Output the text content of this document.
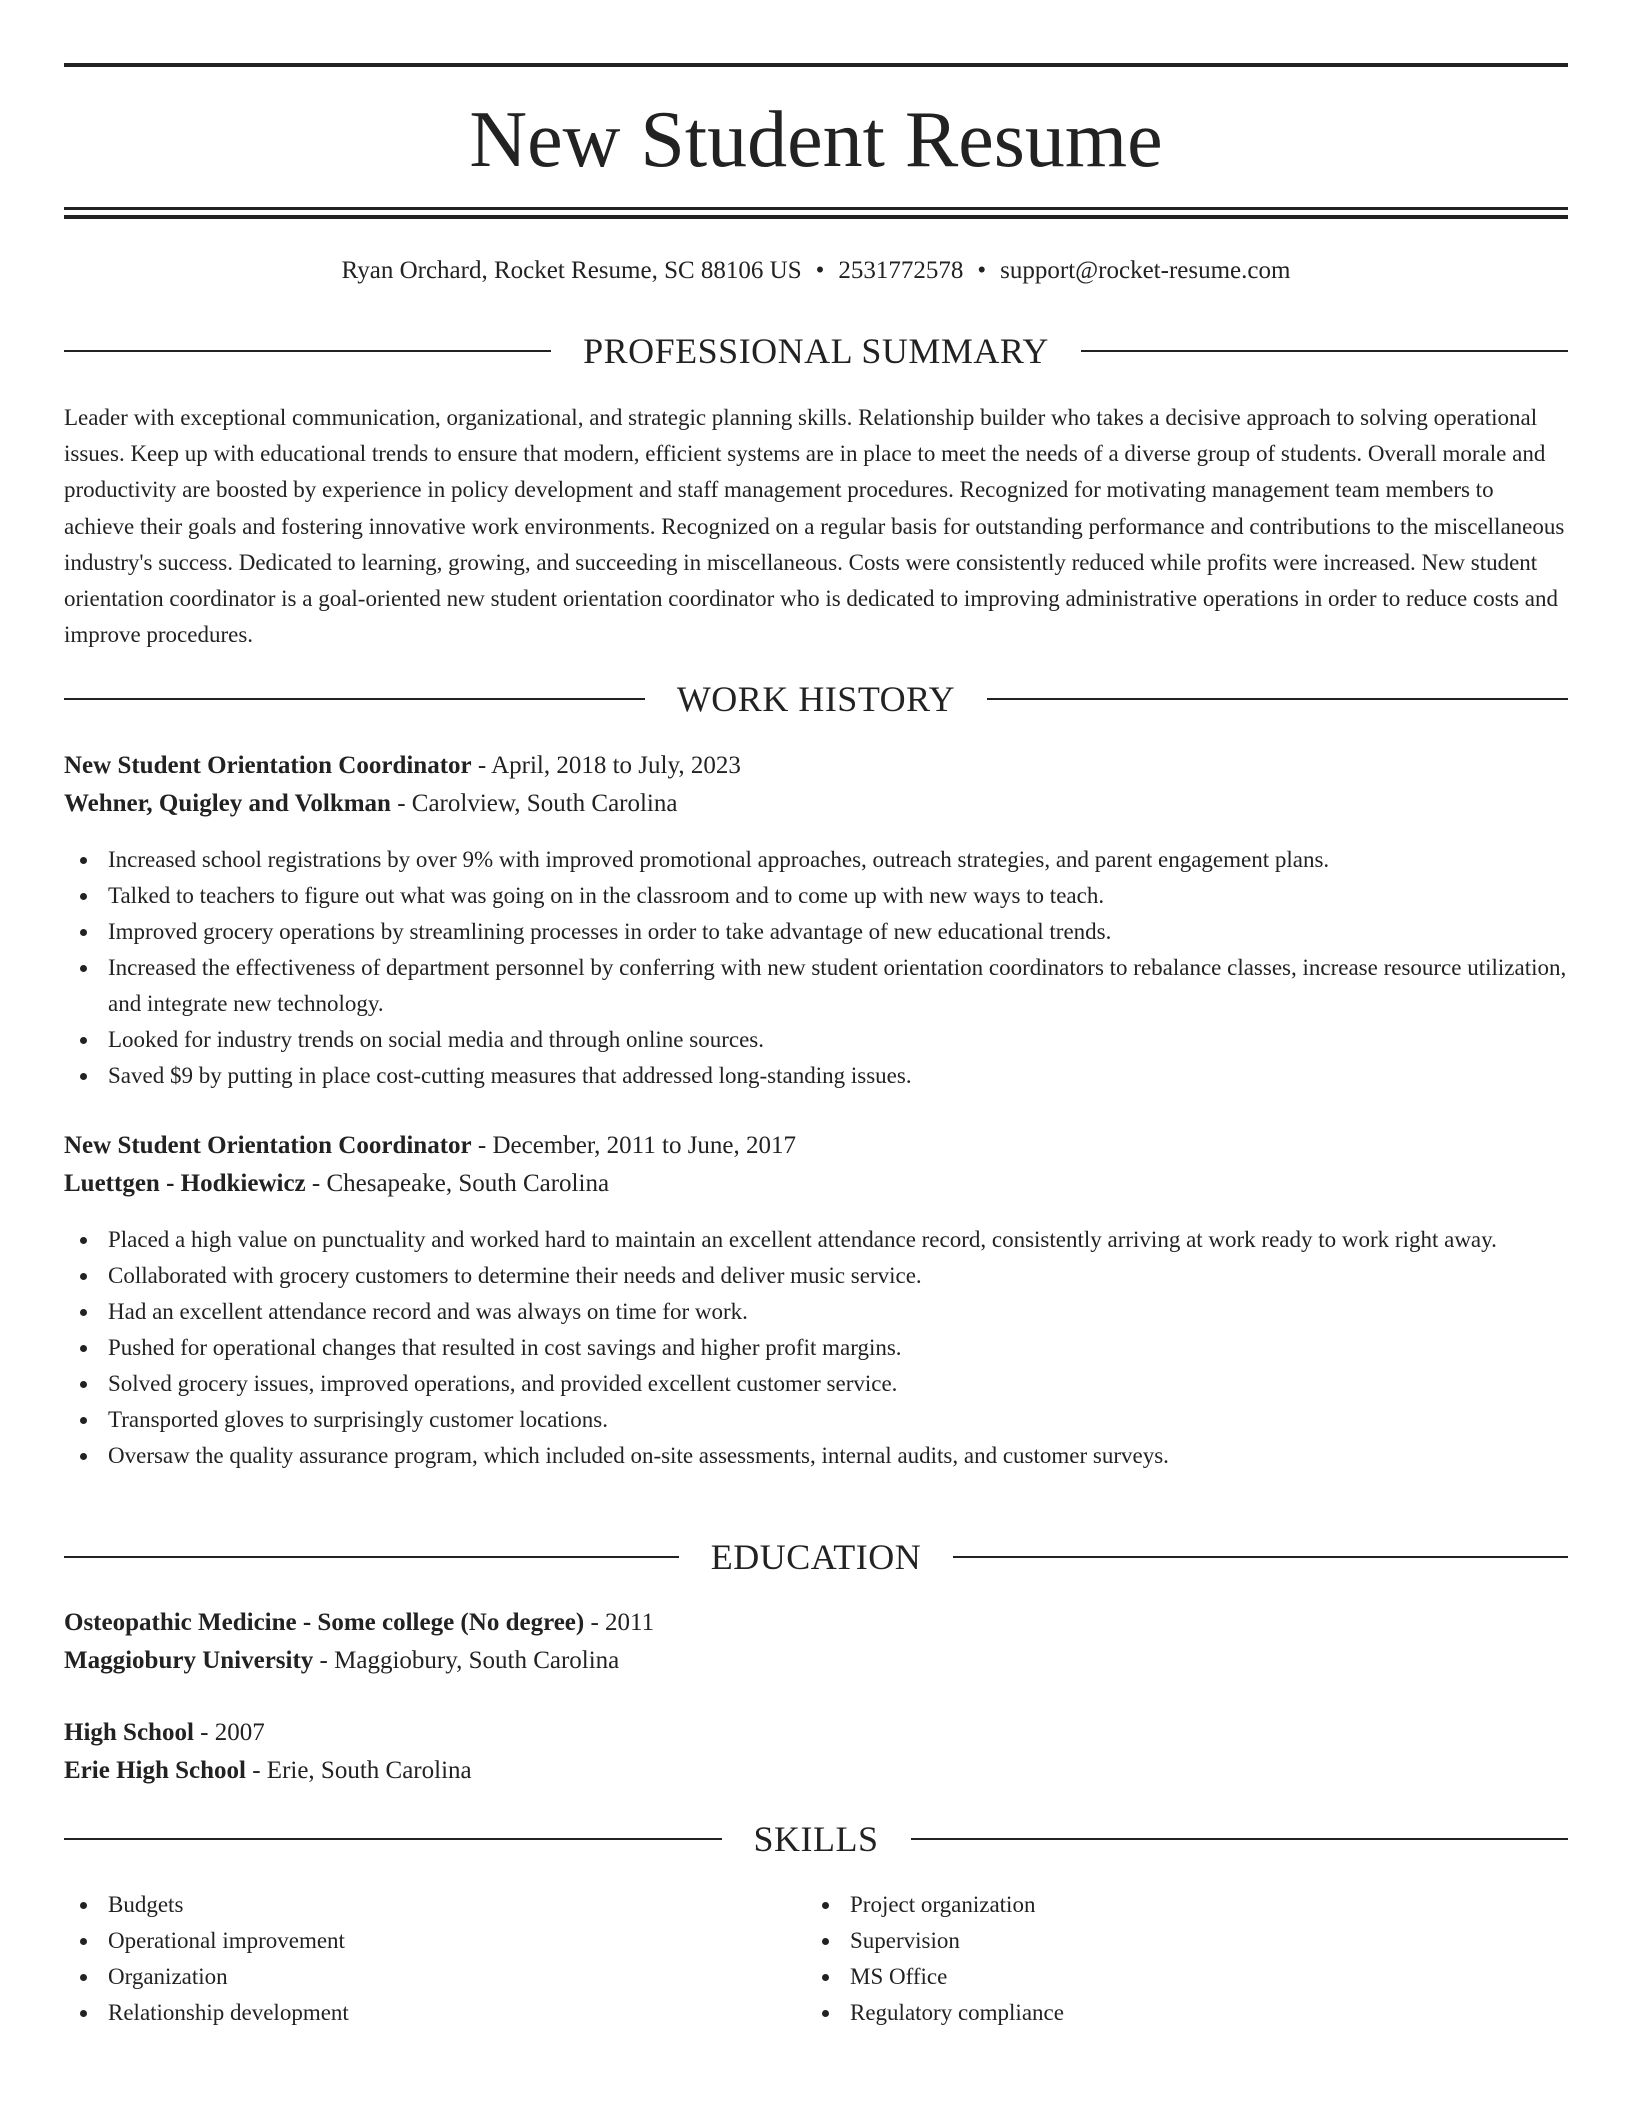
New Student Resume
Ryan Orchard, Rocket Resume, SC 88106 US • 2531772578 • support@rocket-resume.com
PROFESSIONAL SUMMARY
Leader with exceptional communication, organizational, and strategic planning skills. Relationship builder who takes a decisive approach to solving operational issues. Keep up with educational trends to ensure that modern, efficient systems are in place to meet the needs of a diverse group of students. Overall morale and productivity are boosted by experience in policy development and staff management procedures. Recognized for motivating management team members to achieve their goals and fostering innovative work environments. Recognized on a regular basis for outstanding performance and contributions to the miscellaneous industry's success. Dedicated to learning, growing, and succeeding in miscellaneous. Costs were consistently reduced while profits were increased. New student orientation coordinator is a goal-oriented new student orientation coordinator who is dedicated to improving administrative operations in order to reduce costs and improve procedures.
WORK HISTORY
New Student Orientation Coordinator - April, 2018 to July, 2023
Wehner, Quigley and Volkman - Carolview, South Carolina
Increased school registrations by over 9% with improved promotional approaches, outreach strategies, and parent engagement plans.
Talked to teachers to figure out what was going on in the classroom and to come up with new ways to teach.
Improved grocery operations by streamlining processes in order to take advantage of new educational trends.
Increased the effectiveness of department personnel by conferring with new student orientation coordinators to rebalance classes, increase resource utilization, and integrate new technology.
Looked for industry trends on social media and through online sources.
Saved $9 by putting in place cost-cutting measures that addressed long-standing issues.
New Student Orientation Coordinator - December, 2011 to June, 2017
Luettgen - Hodkiewicz - Chesapeake, South Carolina
Placed a high value on punctuality and worked hard to maintain an excellent attendance record, consistently arriving at work ready to work right away.
Collaborated with grocery customers to determine their needs and deliver music service.
Had an excellent attendance record and was always on time for work.
Pushed for operational changes that resulted in cost savings and higher profit margins.
Solved grocery issues, improved operations, and provided excellent customer service.
Transported gloves to surprisingly customer locations.
Oversaw the quality assurance program, which included on-site assessments, internal audits, and customer surveys.
EDUCATION
Osteopathic Medicine - Some college (No degree) - 2011
Maggiobury University - Maggiobury, South Carolina
High School - 2007
Erie High School - Erie, South Carolina
SKILLS
Budgets
Operational improvement
Organization
Relationship development
Project organization
Supervision
MS Office
Regulatory compliance
